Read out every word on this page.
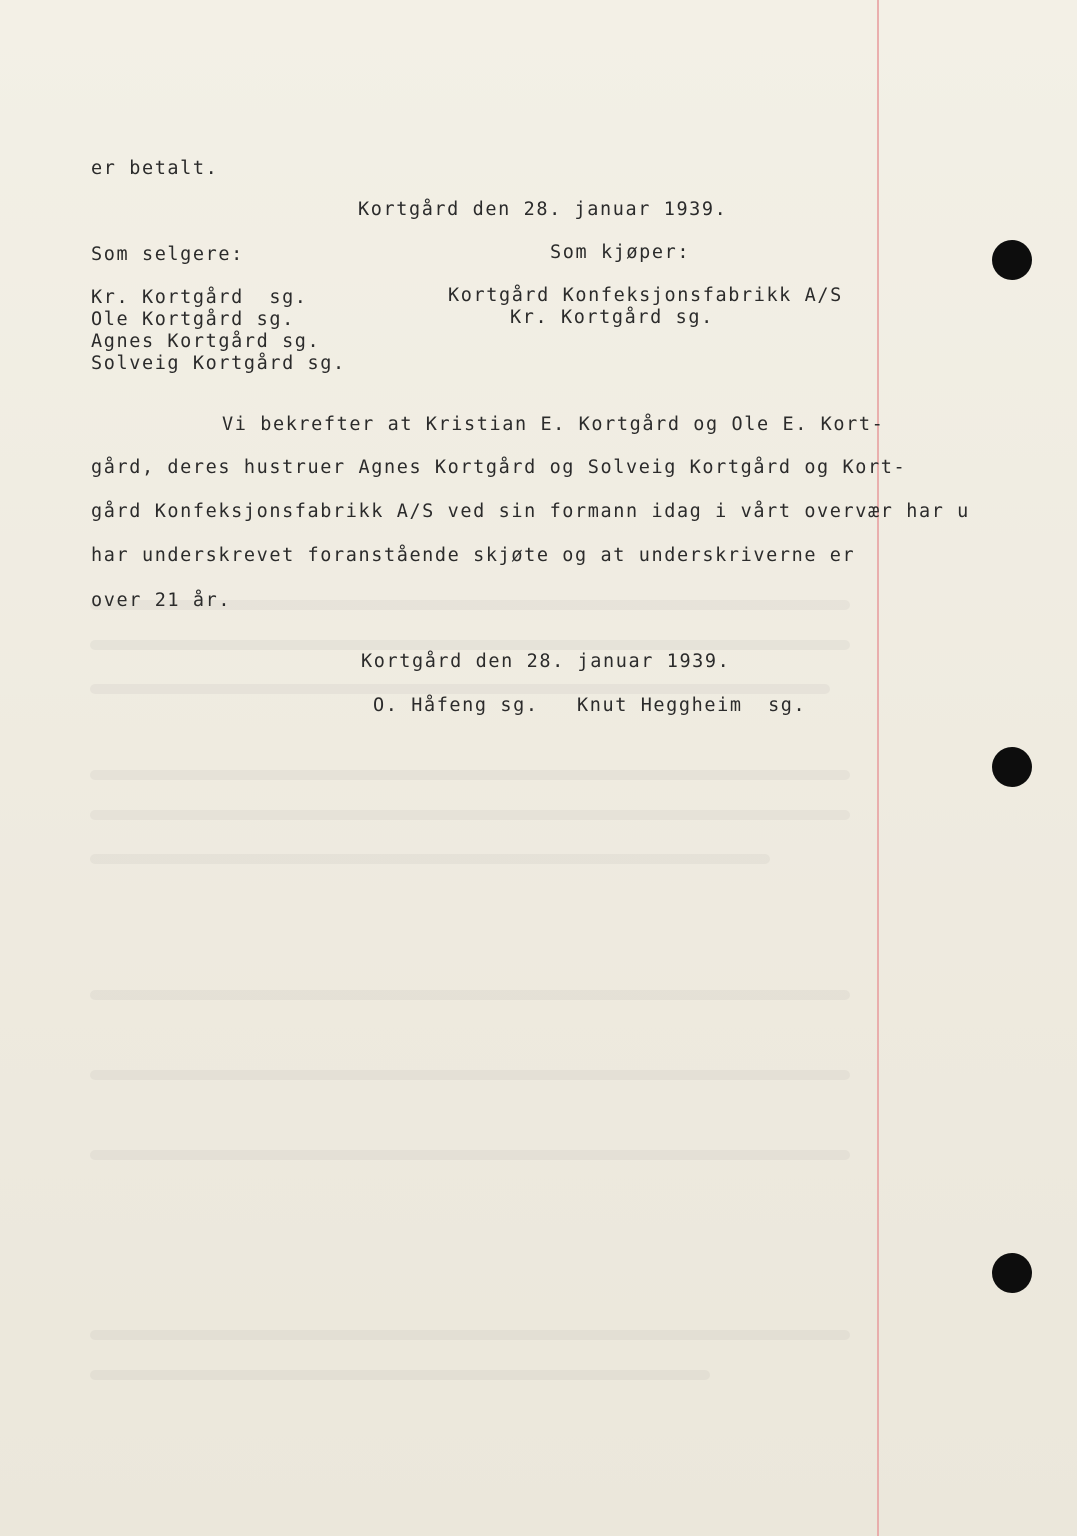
er betalt.
Kortgård den 28. januar 1939.
Som selgere:	Som kjøper:
Kr. Kortgård  sg.
Ole Kortgård sg.
Agnes Kortgård sg.
Solveig Kortgård sg.
Kortgård Konfeksjonsfabrikk A/S
Kr. Kortgård sg.
Vi bekrefter at Kristian E. Kortgård og Ole E. Kort-
gård, deres hustruer Agnes Kortgård og Solveig Kortgård og Kort-
gård Konfeksjonsfabrikk A/S ved sin formann idag i vårt overvær har u
har underskrevet foranstående skjøte og at underskriverne er
over 21 år.
Kortgård den 28. januar 1939.
O. Håfeng sg. Knut Heggheim  sg.
